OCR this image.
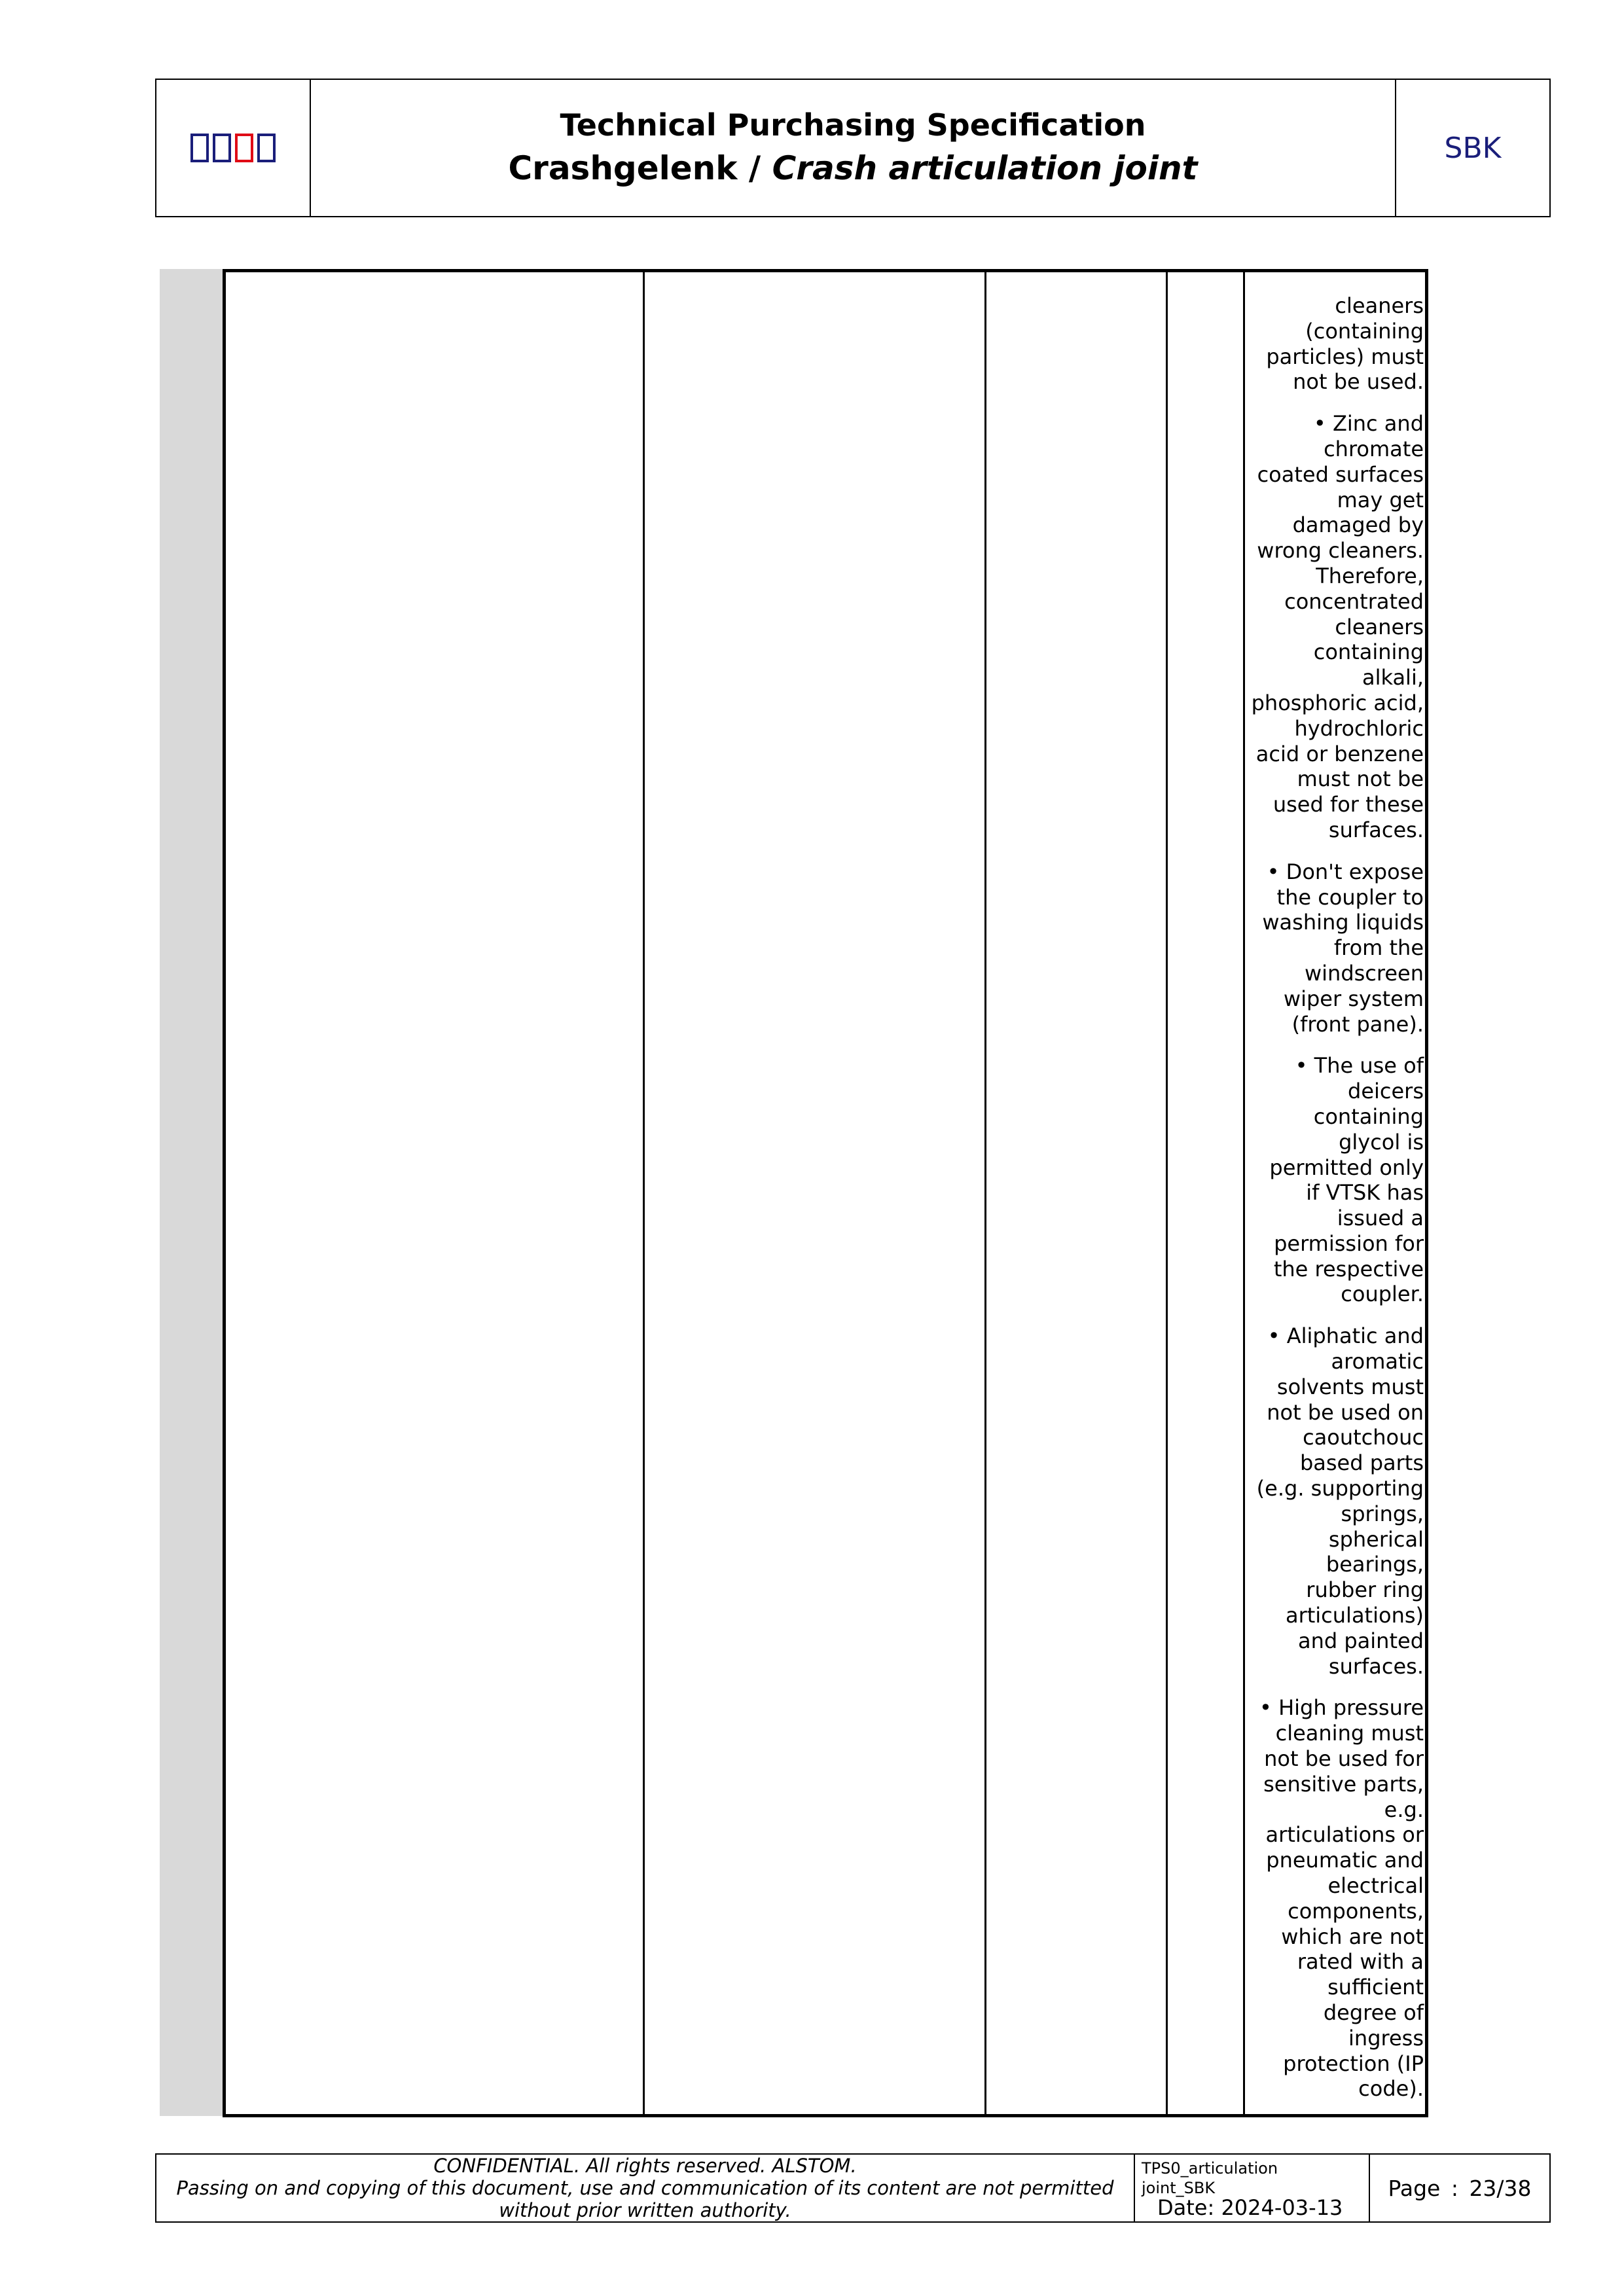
Technical Purchasing Specification
Crashgelenk / Crash articulation joint
SBK

cleaners
(containing
particles) must
not be used.

• Zinc and
chromate
coated surfaces
may get
damaged by
wrong cleaners.
Therefore,
concentrated
cleaners
containing
alkali,
phosphoric acid,
hydrochloric
acid or benzene
must not be
used for these
surfaces.

• Don't expose
the coupler to
washing liquids
from the
windscreen
wiper system
(front pane).

• The use of
deicers
containing
glycol is
permitted only
if VTSK has
issued a
permission for
the respective
coupler.

• Aliphatic and
aromatic
solvents must
not be used on
caoutchouc
based parts
(e.g. supporting
springs,
spherical
bearings,
rubber ring
articulations)
and painted
surfaces.

• High pressure
cleaning must
not be used for
sensitive parts,
e.g.
articulations or
pneumatic and
electrical
components,
which are not
rated with a
sufficient
degree of
ingress
protection (IP
code).

CONFIDENTIAL. All rights reserved. ALSTOM.
Passing on and copying of this document, use and communication of its content are not permitted
without prior written authority.
TPS0_articulation
joint_SBK
Date: 2024-03-13
Page : 23/38
